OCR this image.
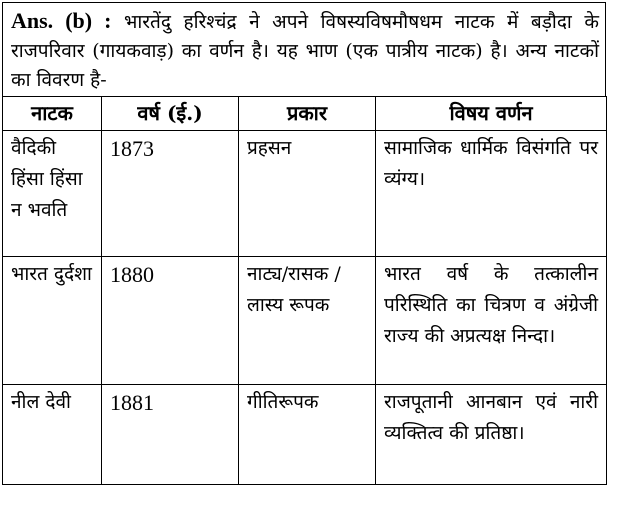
Ans. (b) : भारतेंदु हरिश्चंद्र ने अपने विषस्यविषमौषधम नाटक में बड़ौदा के राजपरिवार (गायकवाड़) का वर्णन है। यह भाण (एक पात्रीय नाटक) है। अन्य नाटकों का विवरण है-
नाटक	वर्ष (ई.)	प्रकार	विषय वर्णन
वैदिकी हिंसा हिंसा न भवति	1873	प्रहसन	सामाजिक धार्मिक विसंगति पर व्यंग्य।
भारत दुर्दशा	1880	नाट्य/रासक /लास्य रूपक	भारत वर्ष के तत्कालीन परिस्थिति का चित्रण व अंग्रेजी राज्य की अप्रत्यक्ष निन्दा।
नील देवी	1881	गीतिरूपक	राजपूतानी आनबान एवं नारी व्यक्तित्व की प्रतिष्ठा।
